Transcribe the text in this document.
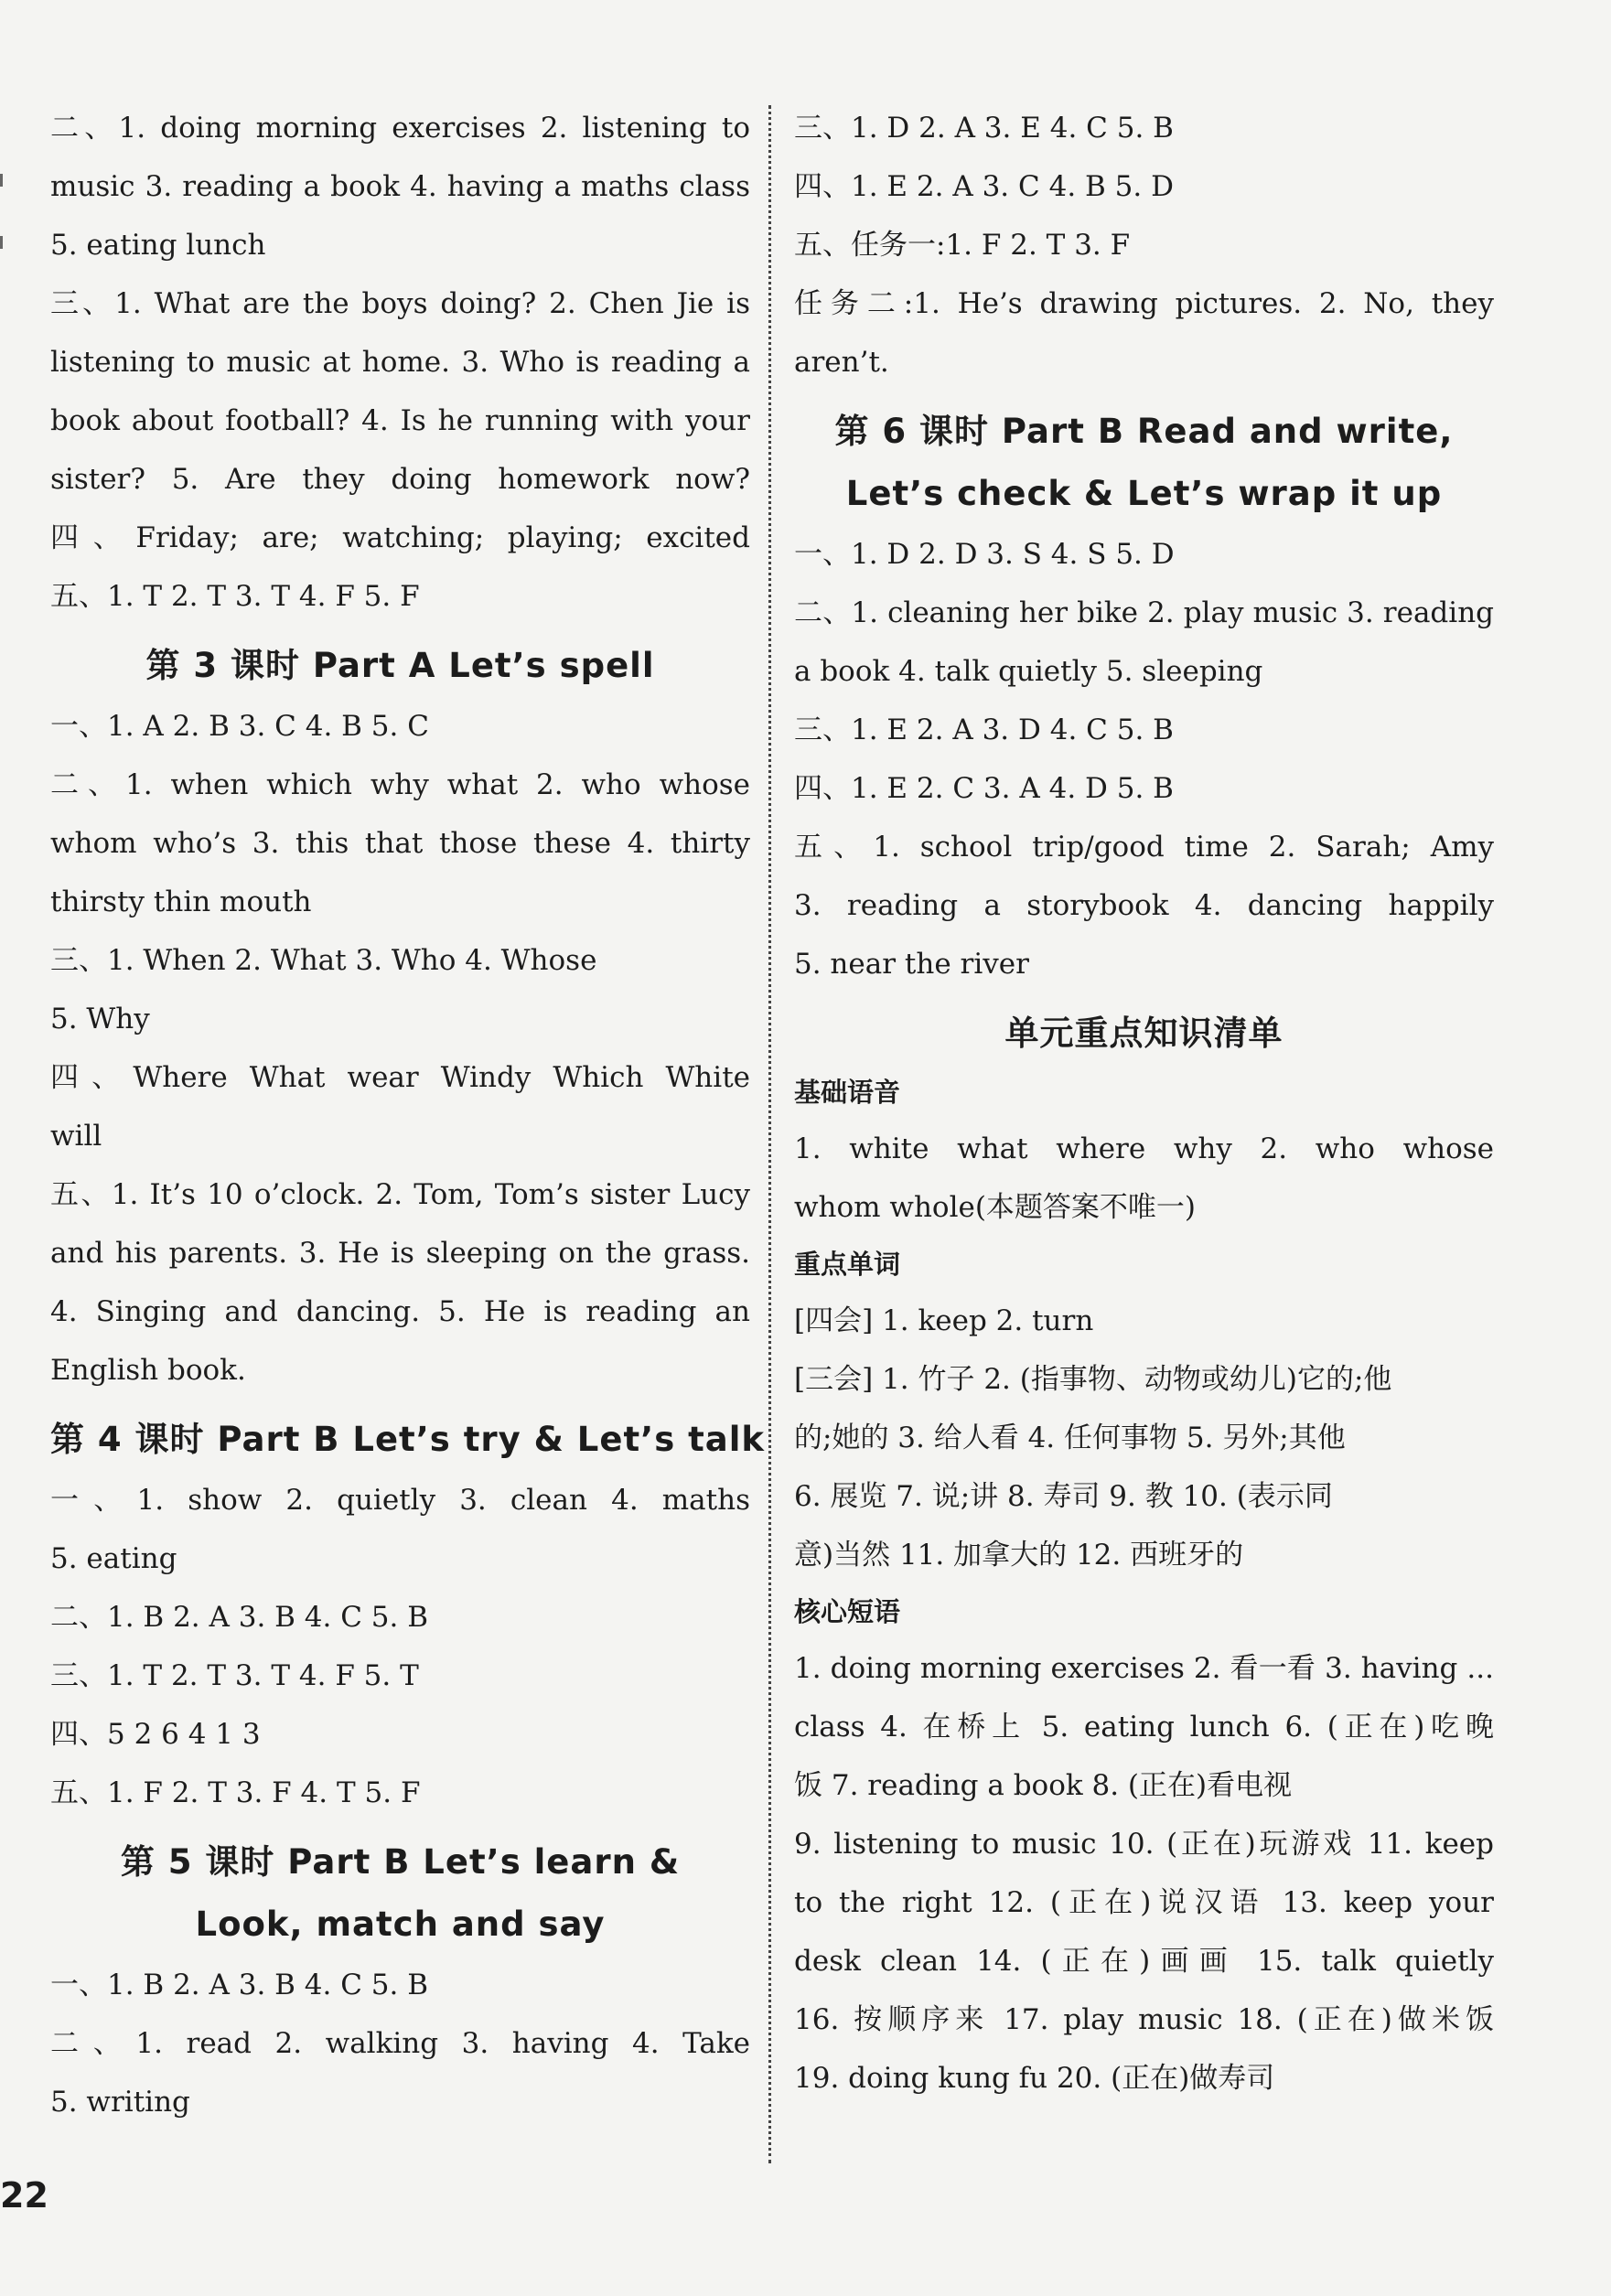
二、1. doing morning exercises 2. listening to
music 3. reading a book 4. having a maths class
5. eating lunch
三、1. What are the boys doing? 2. Chen Jie is
listening to music at home. 3. Who is reading a
book about football? 4. Is he running with your
sister? 5. Are they doing homework now?
四、Friday; are; watching; playing; excited
五、1. T 2. T 3. T 4. F 5. F
第 3 课时 Part A Let’s spell
一、1. A 2. B 3. C 4. B 5. C
二、1. when which why what 2. who whose
whom who’s 3. this that those these 4. thirty
thirsty thin mouth
三、1. When 2. What 3. Who 4. Whose
5. Why
四、Where What wear Windy Which White
will
五、1. It’s 10 o’clock. 2. Tom, Tom’s sister Lucy
and his parents. 3. He is sleeping on the grass.
4. Singing and dancing. 5. He is reading an
English book.
第 4 课时 Part B Let’s try & Let’s talk
一、1. show 2. quietly 3. clean 4. maths
5. eating
二、1. B 2. A 3. B 4. C 5. B
三、1. T 2. T 3. T 4. F 5. T
四、5 2 6 4 1 3
五、1. F 2. T 3. F 4. T 5. F
第 5 课时 Part B Let’s learn &
Look, match and say
一、1. B 2. A 3. B 4. C 5. B
二、1. read 2. walking 3. having 4. Take
5. writing
三、1. D 2. A 3. E 4. C 5. B
四、1. E 2. A 3. C 4. B 5. D
五、任务一:1. F 2. T 3. F
任务二:1. He’s drawing pictures. 2. No, they
aren’t.
第 6 课时 Part B Read and write,
Let’s check & Let’s wrap it up
一、1. D 2. D 3. S 4. S 5. D
二、1. cleaning her bike 2. play music 3. reading
a book 4. talk quietly 5. sleeping
三、1. E 2. A 3. D 4. C 5. B
四、1. E 2. C 3. A 4. D 5. B
五、1. school trip/good time 2. Sarah; Amy
3. reading a storybook 4. dancing happily
5. near the river
单元重点知识清单
基础语音
1. white what where why 2. who whose
whom whole(本题答案不唯一)
重点单词
[四会] 1. keep 2. turn
[三会] 1. 竹子 2. (指事物、动物或幼儿)它的;他
的;她的 3. 给人看 4. 任何事物 5. 另外;其他
6. 展览 7. 说;讲 8. 寿司 9. 教 10. (表示同
意)当然 11. 加拿大的 12. 西班牙的
核心短语
1. doing morning exercises 2. 看一看 3. having ...
class 4. 在桥上 5. eating lunch 6. (正在)吃晚
饭 7. reading a book 8. (正在)看电视
9. listening to music 10. (正在)玩游戏 11. keep
to the right 12. (正在)说汉语 13. keep your
desk clean 14. (正在)画画 15. talk quietly
16. 按顺序来 17. play music 18. (正在)做米饭
19. doing kung fu 20. (正在)做寿司
22
